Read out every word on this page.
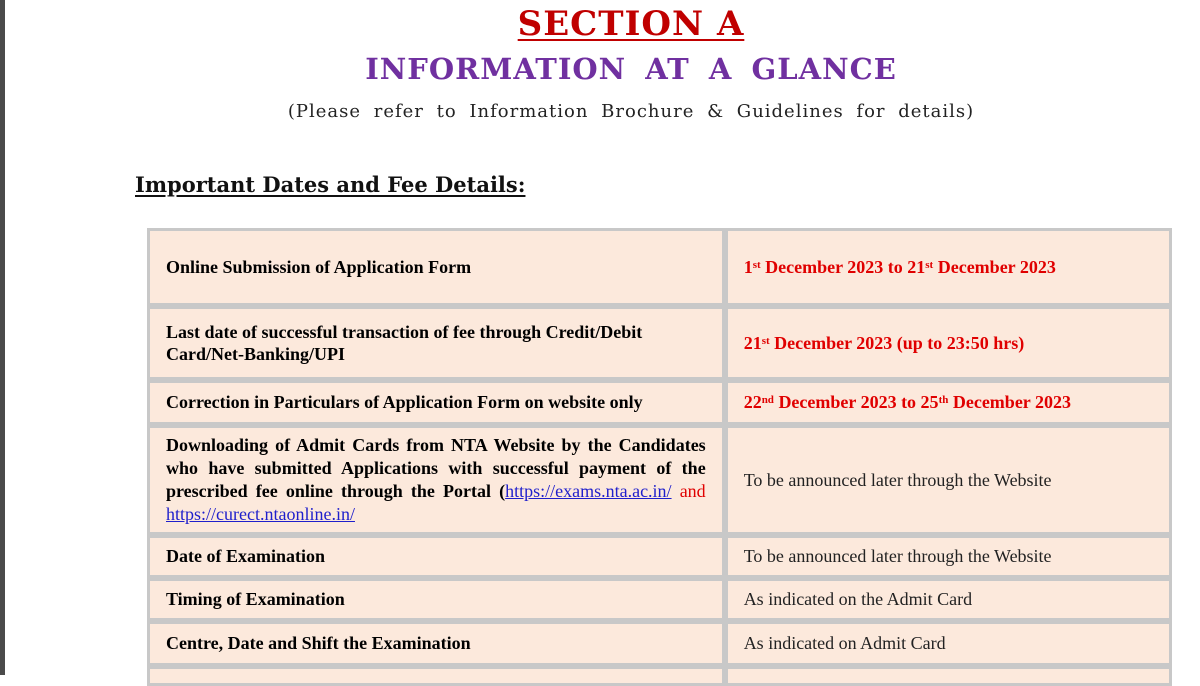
SECTION A
INFORMATION AT A GLANCE

(Please refer to Information Brochure & Guidelines for details)

Important Dates and Fee Details:
Online Submission of Application Form	1st December 2023 to 21st December 2023
Last date of successful transaction of fee through Credit/Debit Card/Net-Banking/UPI	21st December 2023 (up to 23:50 hrs)
Correction in Particulars of Application Form on website only	22nd December 2023 to 25th December 2023
Downloading of Admit Cards from NTA Website by the Candidates who have submitted Applications with successful payment of the prescribed fee online through the Portal (https://exams.nta.ac.in/ and https://curect.ntaonline.in/	To be announced later through the Website
Date of Examination	To be announced later through the Website
Timing of Examination	As indicated on the Admit Card
Centre, Date and Shift the Examination	As indicated on Admit Card
